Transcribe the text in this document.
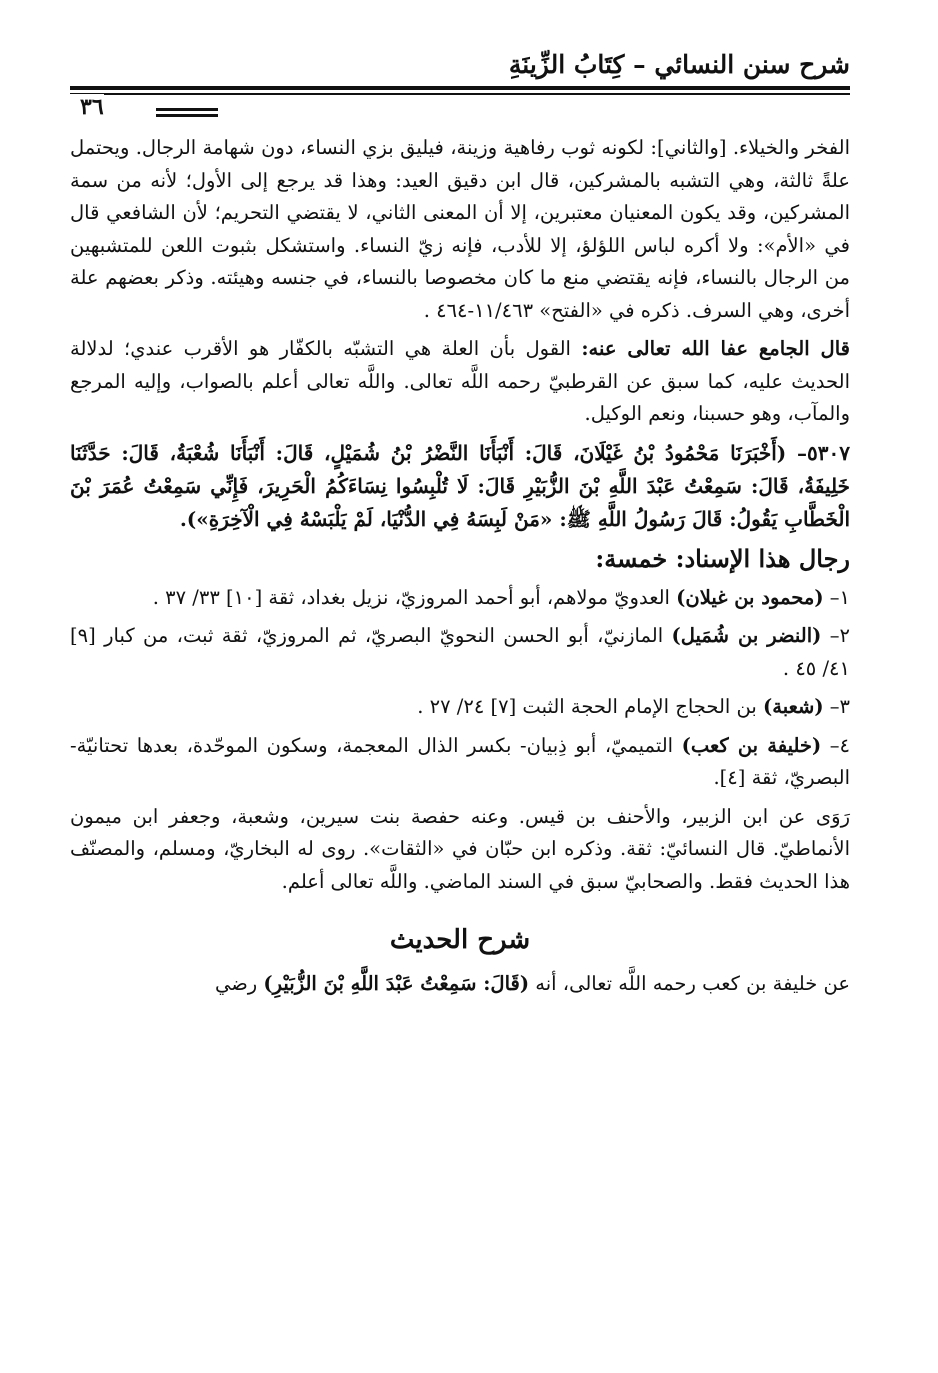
شرح سنن النسائي – كِتَابُ الزِّينَةِ
٣٦

الفخر والخيلاء. [والثاني]: لكونه ثوب رفاهية وزينة، فيليق بزي النساء، دون شهامة الرجال. ويحتمل علةً ثالثة، وهي التشبه بالمشركين، قال ابن دقيق العيد: وهذا قد يرجع إلى الأول؛ لأنه من سمة المشركين، وقد يكون المعنيان معتبرين، إلا أن المعنى الثاني، لا يقتضي التحريم؛ لأن الشافعي قال في «الأم»: ولا أكره لباس اللؤلؤ، إلا للأدب، فإنه زيّ النساء. واستشكل بثبوت اللعن للمتشبهين من الرجال بالنساء، فإنه يقتضي منع ما كان مخصوصا بالنساء، في جنسه وهيئته. وذكر بعضهم علة أخرى، وهي السرف. ذكره في «الفتح» ١١/٤٦٣-٤٦٤ .

قال الجامع عفا الله تعالى عنه: القول بأن العلة هي التشبّه بالكفّار هو الأقرب عندي؛ لدلالة الحديث عليه، كما سبق عن القرطبيّ رحمه اللَّه تعالى. واللَّه تعالى أعلم بالصواب، وإليه المرجع والمآب، وهو حسبنا، ونعم الوكيل.

٥٣٠٧– (أَخْبَرَنَا مَحْمُودُ بْنُ غَيْلَانَ، قَالَ: أَنْبَأَنَا النَّضْرُ بْنُ شُمَيْلٍ، قَالَ: أَنْبَأَنَا شُعْبَةُ، قَالَ: حَدَّثَنَا خَلِيفَةُ، قَالَ: سَمِعْتُ عَبْدَ اللَّهِ بْنَ الزُّبَيْرِ قَالَ: لَا تُلْبِسُوا نِسَاءَكُمُ الْحَرِيرَ، فَإِنِّي سَمِعْتُ عُمَرَ بْنَ الْخَطَّابِ يَقُولُ: قَالَ رَسُولُ اللَّهِ ﷺ: «مَنْ لَبِسَهُ فِي الدُّنْيَا، لَمْ يَلْبَسْهُ فِي الْآخِرَةِ»).

رجال هذا الإسناد: خمسة:

١– (محمود بن غيلان) العدويّ مولاهم، أبو أحمد المروزيّ، نزيل بغداد، ثقة [١٠] ٣٣/ ٣٧ .

٢– (النضر بن شُمَيل) المازنيّ، أبو الحسن النحويّ البصريّ، ثم المروزيّ، ثقة ثبت، من كبار [٩] ٤١/ ٤٥ .

٣– (شعبة) بن الحجاج الإمام الحجة الثبت [٧] ٢٤/ ٢٧ .

٤– (خليفة بن كعب) التميميّ، أبو ذِبيان- بكسر الذال المعجمة، وسكون الموحّدة، بعدها تحتانيّة- البصريّ، ثقة [٤].

رَوَى عن ابن الزبير، والأحنف بن قيس. وعنه حفصة بنت سيرين، وشعبة، وجعفر ابن ميمون الأنماطيّ. قال النسائيّ: ثقة. وذكره ابن حبّان في «الثقات». روى له البخاريّ، ومسلم، والمصنّف هذا الحديث فقط. والصحابيّ سبق في السند الماضي. واللَّه تعالى أعلم.

شرح الحديث

عن خليفة بن كعب رحمه اللَّه تعالى، أنه (قَالَ: سَمِعْتُ عَبْدَ اللَّهِ بْنَ الزُّبَيْرِ) رضي
